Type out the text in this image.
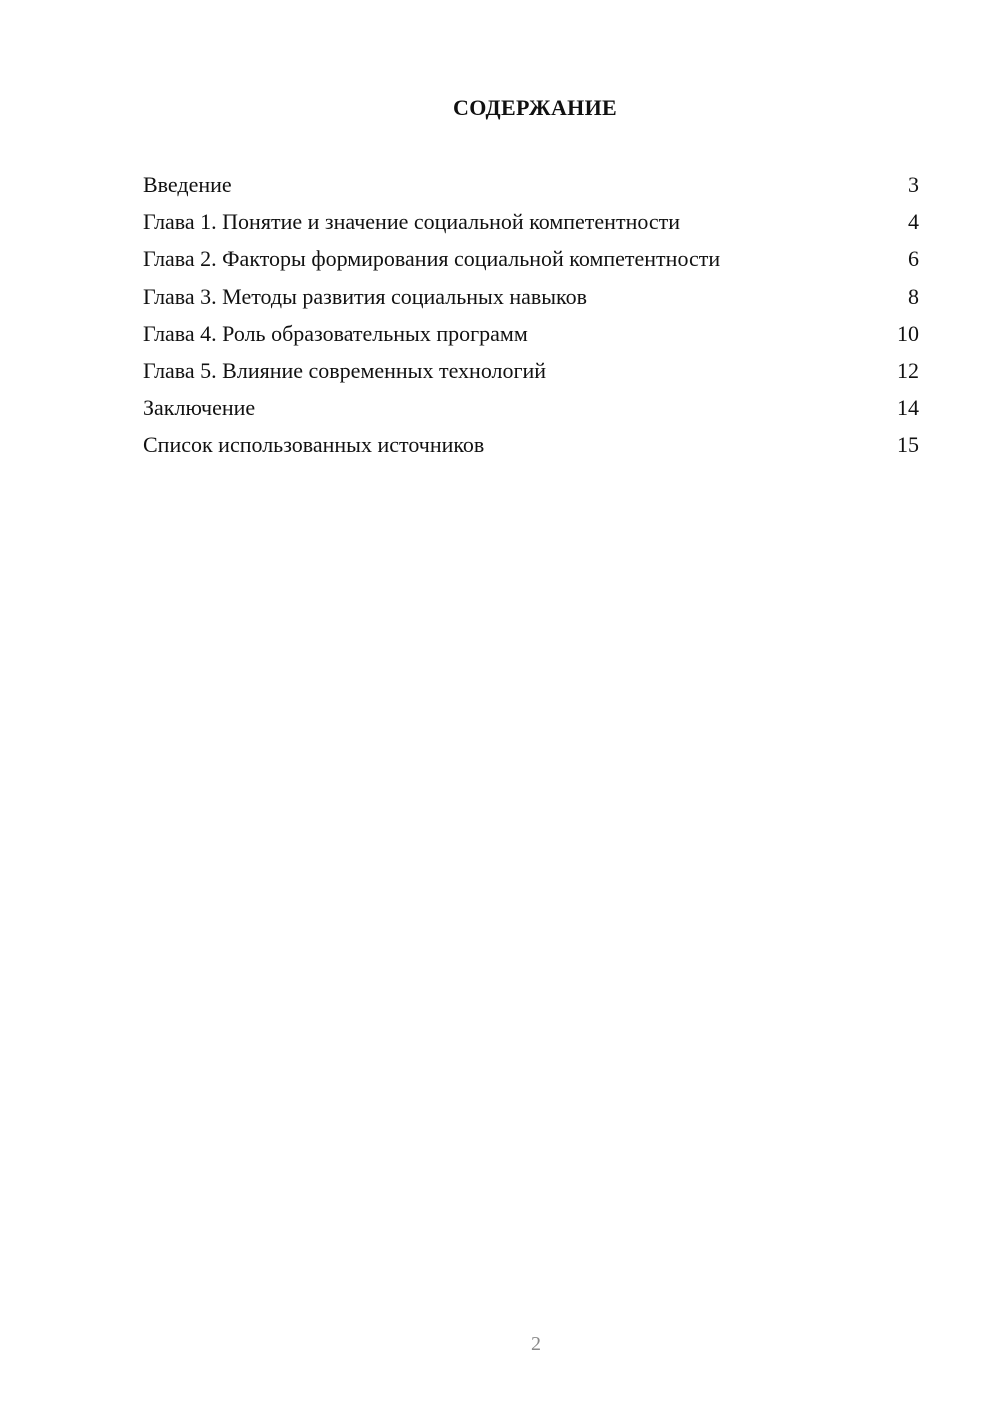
СОДЕРЖАНИЕ
Введение	3
Глава 1. Понятие и значение социальной компетентности	4
Глава 2. Факторы формирования социальной компетентности	6
Глава 3. Методы развития социальных навыков	8
Глава 4. Роль образовательных программ	10
Глава 5. Влияние современных технологий	12
Заключение	14
Список использованных источников	15
2
